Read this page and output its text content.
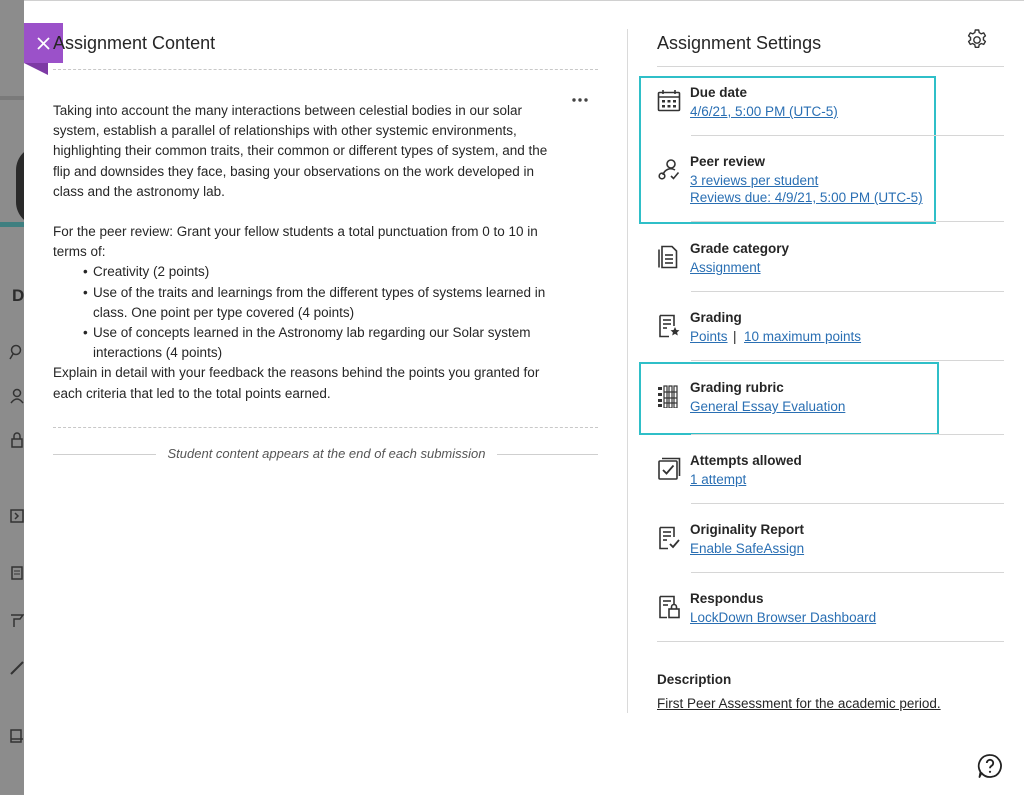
D
Assignment Content

Taking into account the many interactions between celestial bodies in our solar system, establish a parallel of relationships with other systemic environments, highlighting their common traits, their common or different types of system, and the flip and downsides they face, basing your observations on the work developed in class and the astronomy lab.

For the peer review: Grant your fellow students a total punctuation from 0 to 10 in terms of:

• Creativity (2 points)
• Use of the traits and learnings from the different types of systems learned in class. One point per type covered (4 points)
• Use of concepts learned in the Astronomy lab regarding our Solar system interactions (4 points)

Explain in detail with your feedback the reasons behind the points you granted for each criteria that led to the total points earned.

Student content appears at the end of each submission
Assignment Settings
Due date
4/6/21, 5:00 PM (UTC-5)
Peer review
3 reviews per student
Reviews due: 4/9/21, 5:00 PM (UTC-5)
Grade category
Assignment
Grading
Points | 10 maximum points
Grading rubric
General Essay Evaluation
Attempts allowed
1 attempt
Originality Report
Enable SafeAssign
Respondus
LockDown Browser Dashboard
Description
First Peer Assessment for the academic period.
